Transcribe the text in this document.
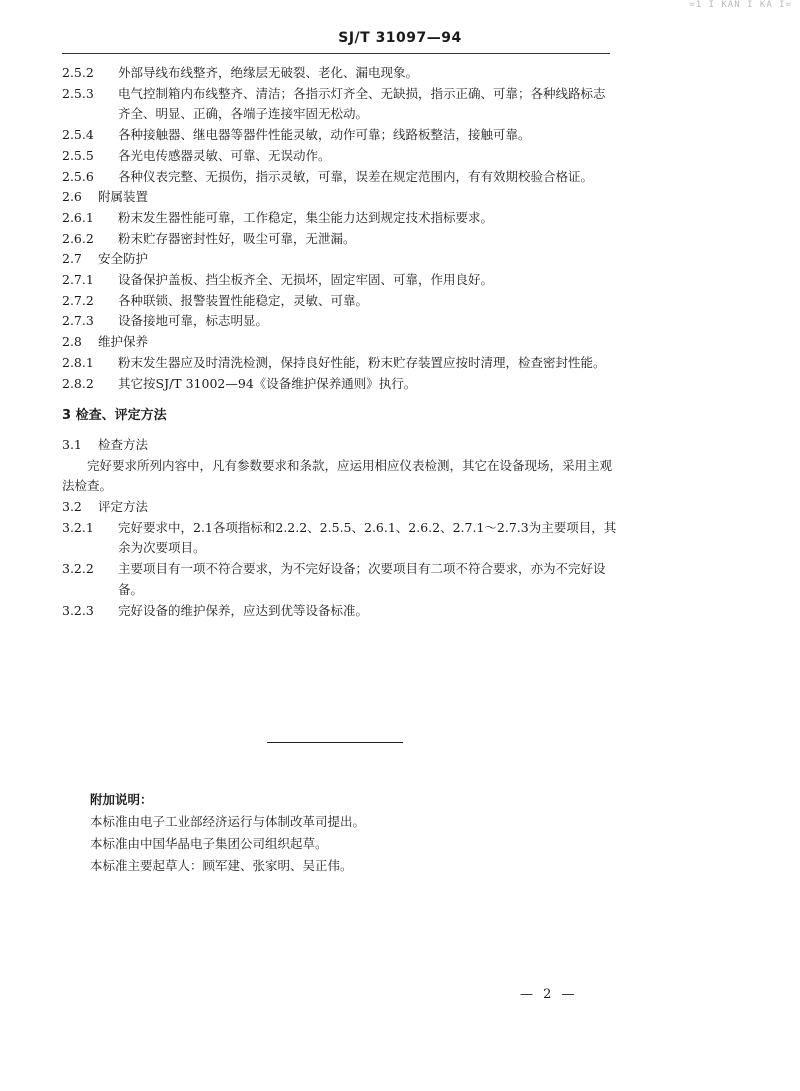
=1 I KAN I KA I=
SJ/T 31097—94
2.5.2	外部导线布线整齐，绝缘层无破裂、老化、漏电现象。
2.5.3	电气控制箱内布线整齐、清洁；各指示灯齐全、无缺损，指示正确、可靠；各种线路标志齐全、明显、正确，各端子连接牢固无松动。
2.5.4	各种接触器、继电器等器件性能灵敏，动作可靠；线路板整洁，接触可靠。
2.5.5	各光电传感器灵敏、可靠、无误动作。
2.5.6	各种仪表完整、无损伤，指示灵敏，可靠，误差在规定范围内，有有效期校验合格证。
2.6	附属装置
2.6.1	粉末发生器性能可靠，工作稳定，集尘能力达到规定技术指标要求。
2.6.2	粉末贮存器密封性好，吸尘可靠，无泄漏。
2.7	安全防护
2.7.1	设备保护盖板、挡尘板齐全、无损坏，固定牢固、可靠，作用良好。
2.7.2	各种联锁、报警装置性能稳定，灵敏、可靠。
2.7.3	设备接地可靠，标志明显。
2.8	维护保养
2.8.1	粉末发生器应及时清洗检测，保持良好性能，粉末贮存装置应按时清理，检查密封性能。
2.8.2	其它按SJ/T 31002—94《设备维护保养通则》执行。
3 检查、评定方法
3.1	检查方法
完好要求所列内容中，凡有参数要求和条款，应运用相应仪表检测，其它在设备现场，采用主观法检查。
3.2	评定方法
3.2.1	完好要求中，2.1各项指标和2.2.2、2.5.5、2.6.1、2.6.2、2.7.1～2.7.3为主要项目，其余为次要项目。
3.2.2	主要项目有一项不符合要求，为不完好设备；次要项目有二项不符合要求，亦为不完好设备。
3.2.3	完好设备的维护保养，应达到优等设备标准。
附加说明：
本标准由电子工业部经济运行与体制改革司提出。
本标准由中国华晶电子集团公司组织起草。
本标准主要起草人：顾军建、张家明、吴正伟。
— 2 —
